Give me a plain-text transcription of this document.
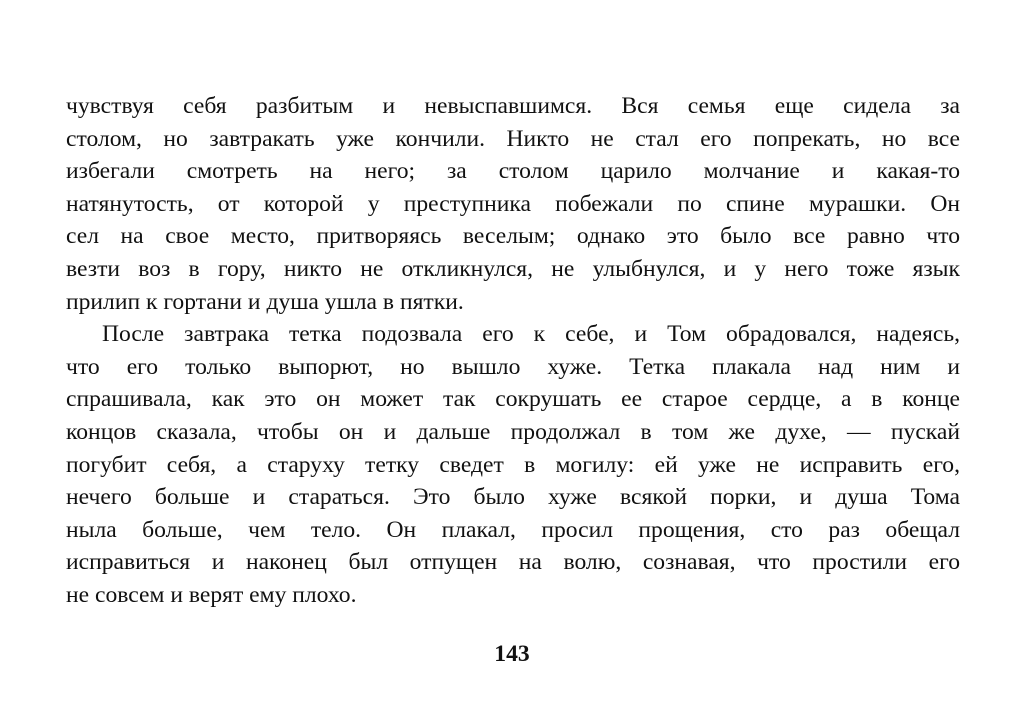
чувствуя себя разбитым и невыспавшимся. Вся семья еще сидела за
столом, но завтракать уже кончили. Никто не стал его попрекать, но все
избегали смотреть на него; за столом царило молчание и какая-то
натянутость, от которой у преступника побежали по спине мурашки. Он
сел на свое место, притворяясь веселым; однако это было все равно что
везти воз в гору, никто не откликнулся, не улыбнулся, и у него тоже язык
прилип к гортани и душа ушла в пятки.
После завтрака тетка подозвала его к себе, и Том обрадовался, надеясь,
что его только выпорют, но вышло хуже. Тетка плакала над ним и
спрашивала, как это он может так сокрушать ее старое сердце, а в конце
концов сказала, чтобы он и дальше продолжал в том же духе, — пускай
погубит себя, а старуху тетку сведет в могилу: ей уже не исправить его,
нечего больше и стараться. Это было хуже всякой порки, и душа Тома
ныла больше, чем тело. Он плакал, просил прощения, сто раз обещал
исправиться и наконец был отпущен на волю, сознавая, что простили его
не совсем и верят ему плохо.
143
